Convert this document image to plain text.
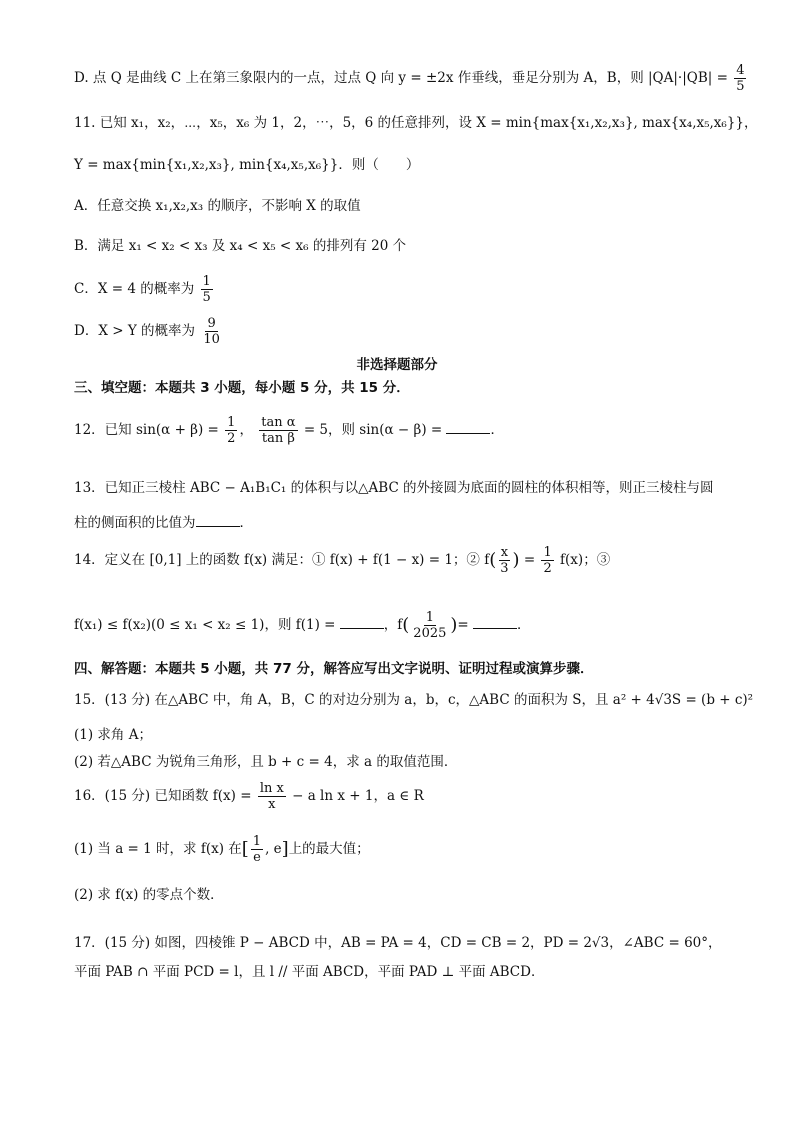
D. 点 Q 是曲线 C 上在第三象限内的一点，过点 Q 向 y = ±2x 作垂线，垂足分别为 A，B，则 $|QA|\cdot|QB| = \frac{4}{5}$
11. 已知 x₁，x₂，⋯，x₅，x₆ 为 1，2，⋯，5，6 的任意排列，设 X = min{max{x₁,x₂,x₃}, max{x₄,x₅,x₆}}，
Y = max{min{x₁,x₂,x₃}, min{x₄,x₅,x₆}}．则（　　）
A．任意交换 x₁,x₂,x₃ 的顺序，不影响 X 的取值
B．满足 x₁ < x₂ < x₃ 及 x₄ < x₅ < x₆ 的排列有 20 个
C．X = 4 的概率为 $\frac{1}{5}$
D．X > Y 的概率为 $\frac{9}{10}$
非选择题部分
三、填空题：本题共 3 小题，每小题 5 分，共 15 分．
12．已知 $\sin(\alpha + \beta) = \frac{1}{2}$ ， $\frac{\text{tan α}}{\text{tan β}} = 5$，则 sin(α − β) =	．
13．已知正三棱柱 ABC − A₁B₁C₁ 的体积与以△ABC 的外接圆为底面的圆柱的体积相等，则正三棱柱与圆
柱的侧面积的比值为	．
14．定义在 [0,1] 上的函数 f(x) 满足：① f(x) + f(1 − x) = 1；② $f( \frac{x}{3}$ ) = $\frac{1}{2} f(x)$；③
f(x₁) ≤ f(x₂)(0 ≤ x₁ < x₂ ≤ 1)，则 f(1) =	，$f( \frac{1}{2025}$ )=	．
四、解答题：本题共 5 小题，共 77 分，解答应写出文字说明、证明过程或演算步骤．
15．(13 分) 在△ABC 中，角 A，B，C 的对边分别为 a，b，c，△ABC 的面积为 S，且 a² + 4√3S = (b + c)²
(1) 求角 A；
(2) 若△ABC 为锐角三角形，且 b + c = 4，求 a 的取值范围．
16．(15 分) 已知函数 $f(x) = \frac{\text{ln x}}{x} - a$ ln x + 1，a ∈ R
(1) 当 a = 1 时，求 f(x) 在[ $\frac{1}{e}$ , e]上的最大值；
(2) 求 f(x) 的零点个数．
17．(15 分) 如图，四棱锥 P − ABCD 中，AB = PA = 4，CD = CB = 2，PD = 2√3，∠ABC = 60°，
平面 PAB ∩ 平面 PCD = l，且 l // 平面 ABCD，平面 PAD ⊥ 平面 ABCD．
